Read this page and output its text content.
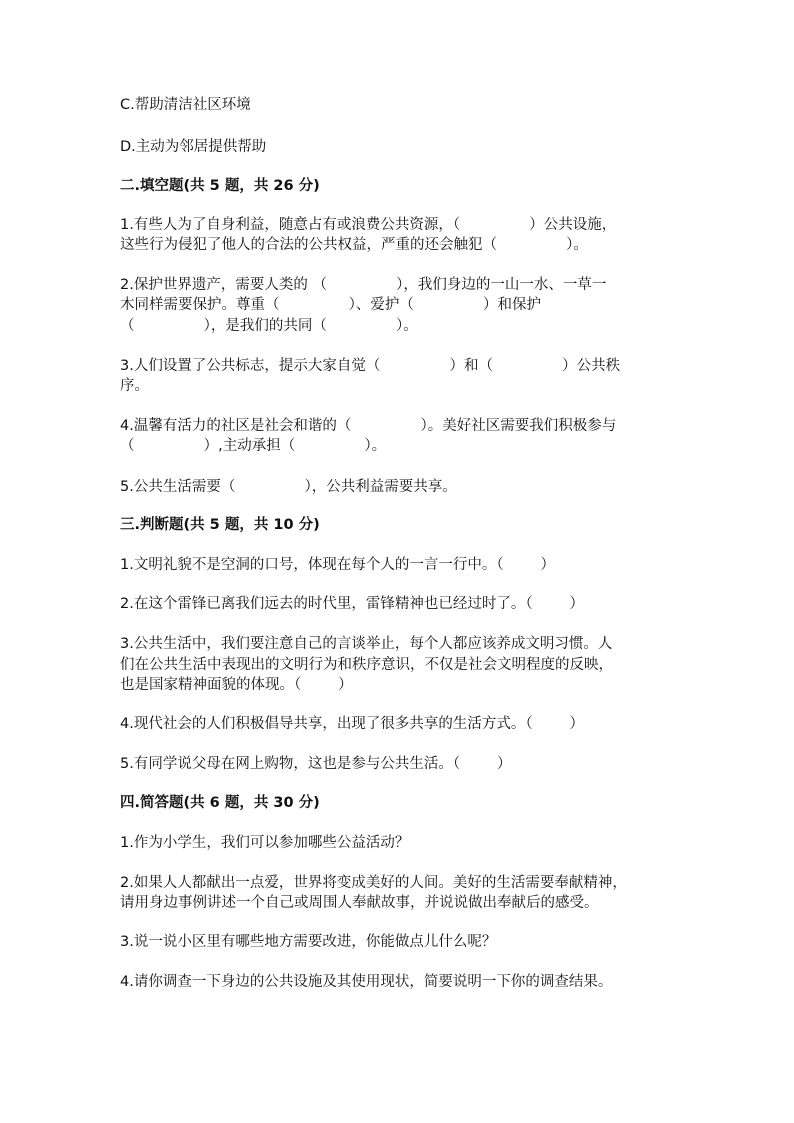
C.帮助清洁社区环境

D.主动为邻居提供帮助

二.填空题(共 5 题，共 26 分)

1.有些人为了自身利益，随意占有或浪费公共资源，（               ）公共设施，

这些行为侵犯了他人的合法的公共权益，严重的还会触犯（               ）。

2.保护世界遗产，需要人类的 （               ），我们身边的一山一水、一草一

木同样需要保护。尊重（               ）、爱护（               ）和保护

（               ），是我们的共同（               ）。

3.人们设置了公共标志，提示大家自觉（               ）和（               ）公共秩

序。

4.温馨有活力的社区是社会和谐的（               ）。美好社区需要我们积极参与

（               ）,主动承担（               ）。

5.公共生活需要（               ），公共利益需要共享。

三.判断题(共 5 题，共 10 分)

1.文明礼貌不是空洞的口号，体现在每个人的一言一行中。（        ）

2.在这个雷锋已离我们远去的时代里，雷锋精神也已经过时了。（        ）

3.公共生活中，我们要注意自己的言谈举止，每个人都应该养成文明习惯。人

们在公共生活中表现出的文明行为和秩序意识，不仅是社会文明程度的反映，

也是国家精神面貌的体现。（        ）

4.现代社会的人们积极倡导共享，出现了很多共享的生活方式。（        ）

5.有同学说父母在网上购物，这也是参与公共生活。（        ）

四.简答题(共 6 题，共 30 分)

1.作为小学生，我们可以参加哪些公益活动？

2.如果人人都献出一点爱，世界将变成美好的人间。美好的生活需要奉献精神，

请用身边事例讲述一个自己或周围人奉献故事，并说说做出奉献后的感受。

3.说一说小区里有哪些地方需要改进，你能做点儿什么呢？

4.请你调查一下身边的公共设施及其使用现状，简要说明一下你的调查结果。
